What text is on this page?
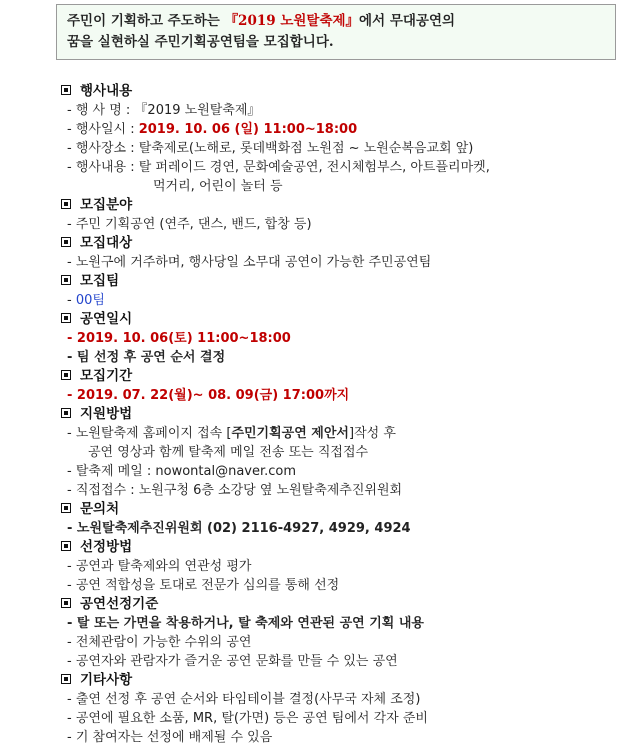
주민이 기획하고 주도하는 『2019 노원탈축제』에서 무대공연의
꿈을 실현하실 주민기획공연팀을 모집합니다.
행사내용
- 행 사 명 : 『2019 노원탈축제』
- 행사일시 : 2019. 10. 06 (일) 11:00~18:00
- 행사장소 : 탈축제로(노해로, 롯데백화점 노원점 ~ 노원순복음교회 앞)
- 행사내용 : 탈 퍼레이드 경연, 문화예술공연, 전시체험부스, 아트플리마켓,
먹거리, 어린이 놀터 등
모집분야
- 주민 기획공연 (연주, 댄스, 밴드, 합창 등)
모집대상
- 노원구에 거주하며, 행사당일 소무대 공연이 가능한 주민공연팀
모집팀
- 00팀
공연일시
- 2019. 10. 06(토) 11:00~18:00
- 팀 선정 후 공연 순서 결정
모집기간
- 2019. 07. 22(월)~ 08. 09(금) 17:00까지
지원방법
- 노원탈축제 홈페이지 접속 [주민기획공연 제안서]작성 후
공연 영상과 함께 탈축제 메일 전송 또는 직접접수
- 탈축제 메일 : nowontal@naver.com
- 직접접수 : 노원구청 6층 소강당 옆 노원탈축제추진위원회
문의처
- 노원탈축제추진위원회 (02) 2116-4927, 4929, 4924
선정방법
- 공연과 탈축제와의 연관성 평가
- 공연 적합성을 토대로 전문가 심의를 통해 선정
공연선정기준
- 탈 또는 가면을 착용하거나, 탈 축제와 연관된 공연 기획 내용
- 전체관람이 가능한 수위의 공연
- 공연자와 관람자가 즐거운 공연 문화를 만들 수 있는 공연
기타사항
- 출연 선정 후 공연 순서와 타임테이블 결정(사무국 자체 조정)
- 공연에 필요한 소품, MR, 탈(가면) 등은 공연 팀에서 각자 준비
- 기 참여자는 선정에 배제될 수 있음
